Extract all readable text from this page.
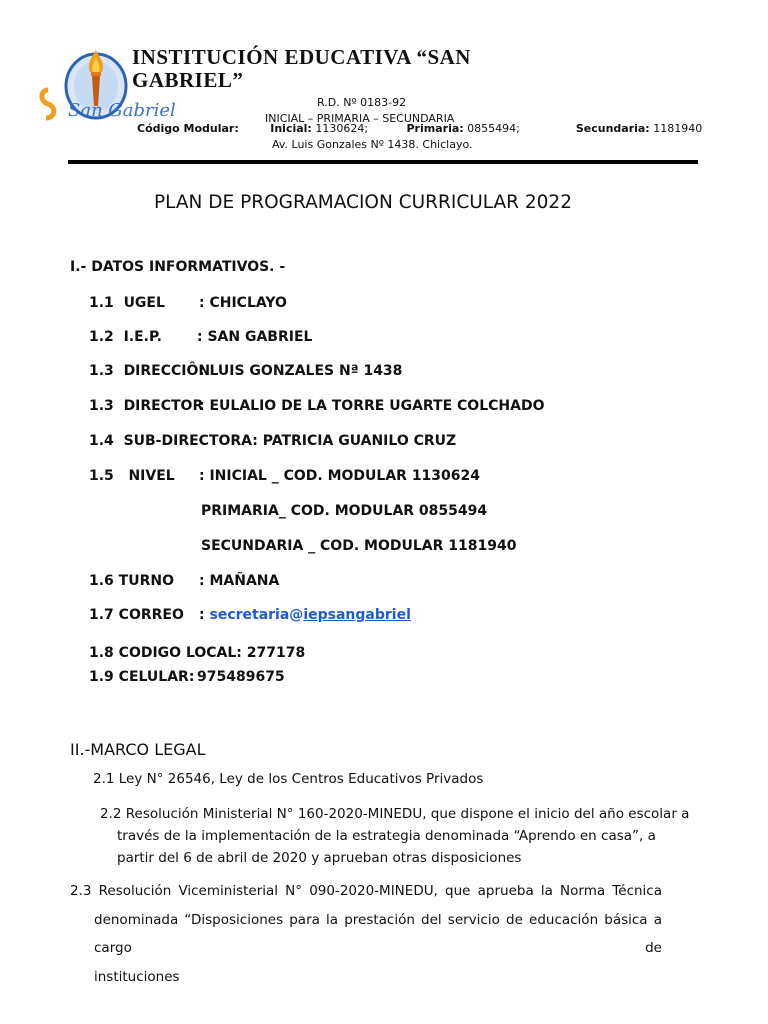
San Gabriel
INSTITUCIÓN EDUCATIVA “SAN GABRIEL”
R.D. Nº 0183-92
INICIAL – PRIMARIA – SECUNDARIA
Código Modular:	Inicial: 1130624;	Primaria: 0855494;	Secundaria: 1181940
Av. Luis Gonzales Nº 1438. Chiclayo.
PLAN DE PROGRAMACION CURRICULAR 2022
I.- DATOS INFORMATIVOS. -
1.1 UGEL : CHICLAYO
1.2 I.E.P.	: SAN GABRIEL
1.3 DIRECCIÔN
: LUIS GONZALES Nª 1438
1.3 DIRECTOR
: EULALIO DE LA TORRE UGARTE COLCHADO
1.4 SUB-DIRECTORA: PATRICIA GUANILO CRUZ
1.5 NIVEL : INICIAL _ COD. MODULAR 1130624
PRIMARIA_ COD. MODULAR 0855494
SECUNDARIA _ COD. MODULAR 1181940
1.6 TURNO : MAÑANA
1.7 CORREO : secretaria@iepsangabriel
1.8 CODIGO LOCAL: 277178
1.9 CELULAR: 975489675
II.-MARCO LEGAL
2.1 Ley N° 26546, Ley de los Centros Educativos Privados
2.2 Resolución Ministerial N° 160-2020-MINEDU, que dispone el inicio del año escolar a
través de la implementación de la estrategia denominada “Aprendo en casa”, a
partir del 6 de abril de 2020 y aprueban otras disposiciones
2.3 Resolución Viceministerial N° 090-2020-MINEDU, que aprueba la Norma Técnica
denominada “Disposiciones para la prestación del servicio de educación básica a cargo de
instituciones
